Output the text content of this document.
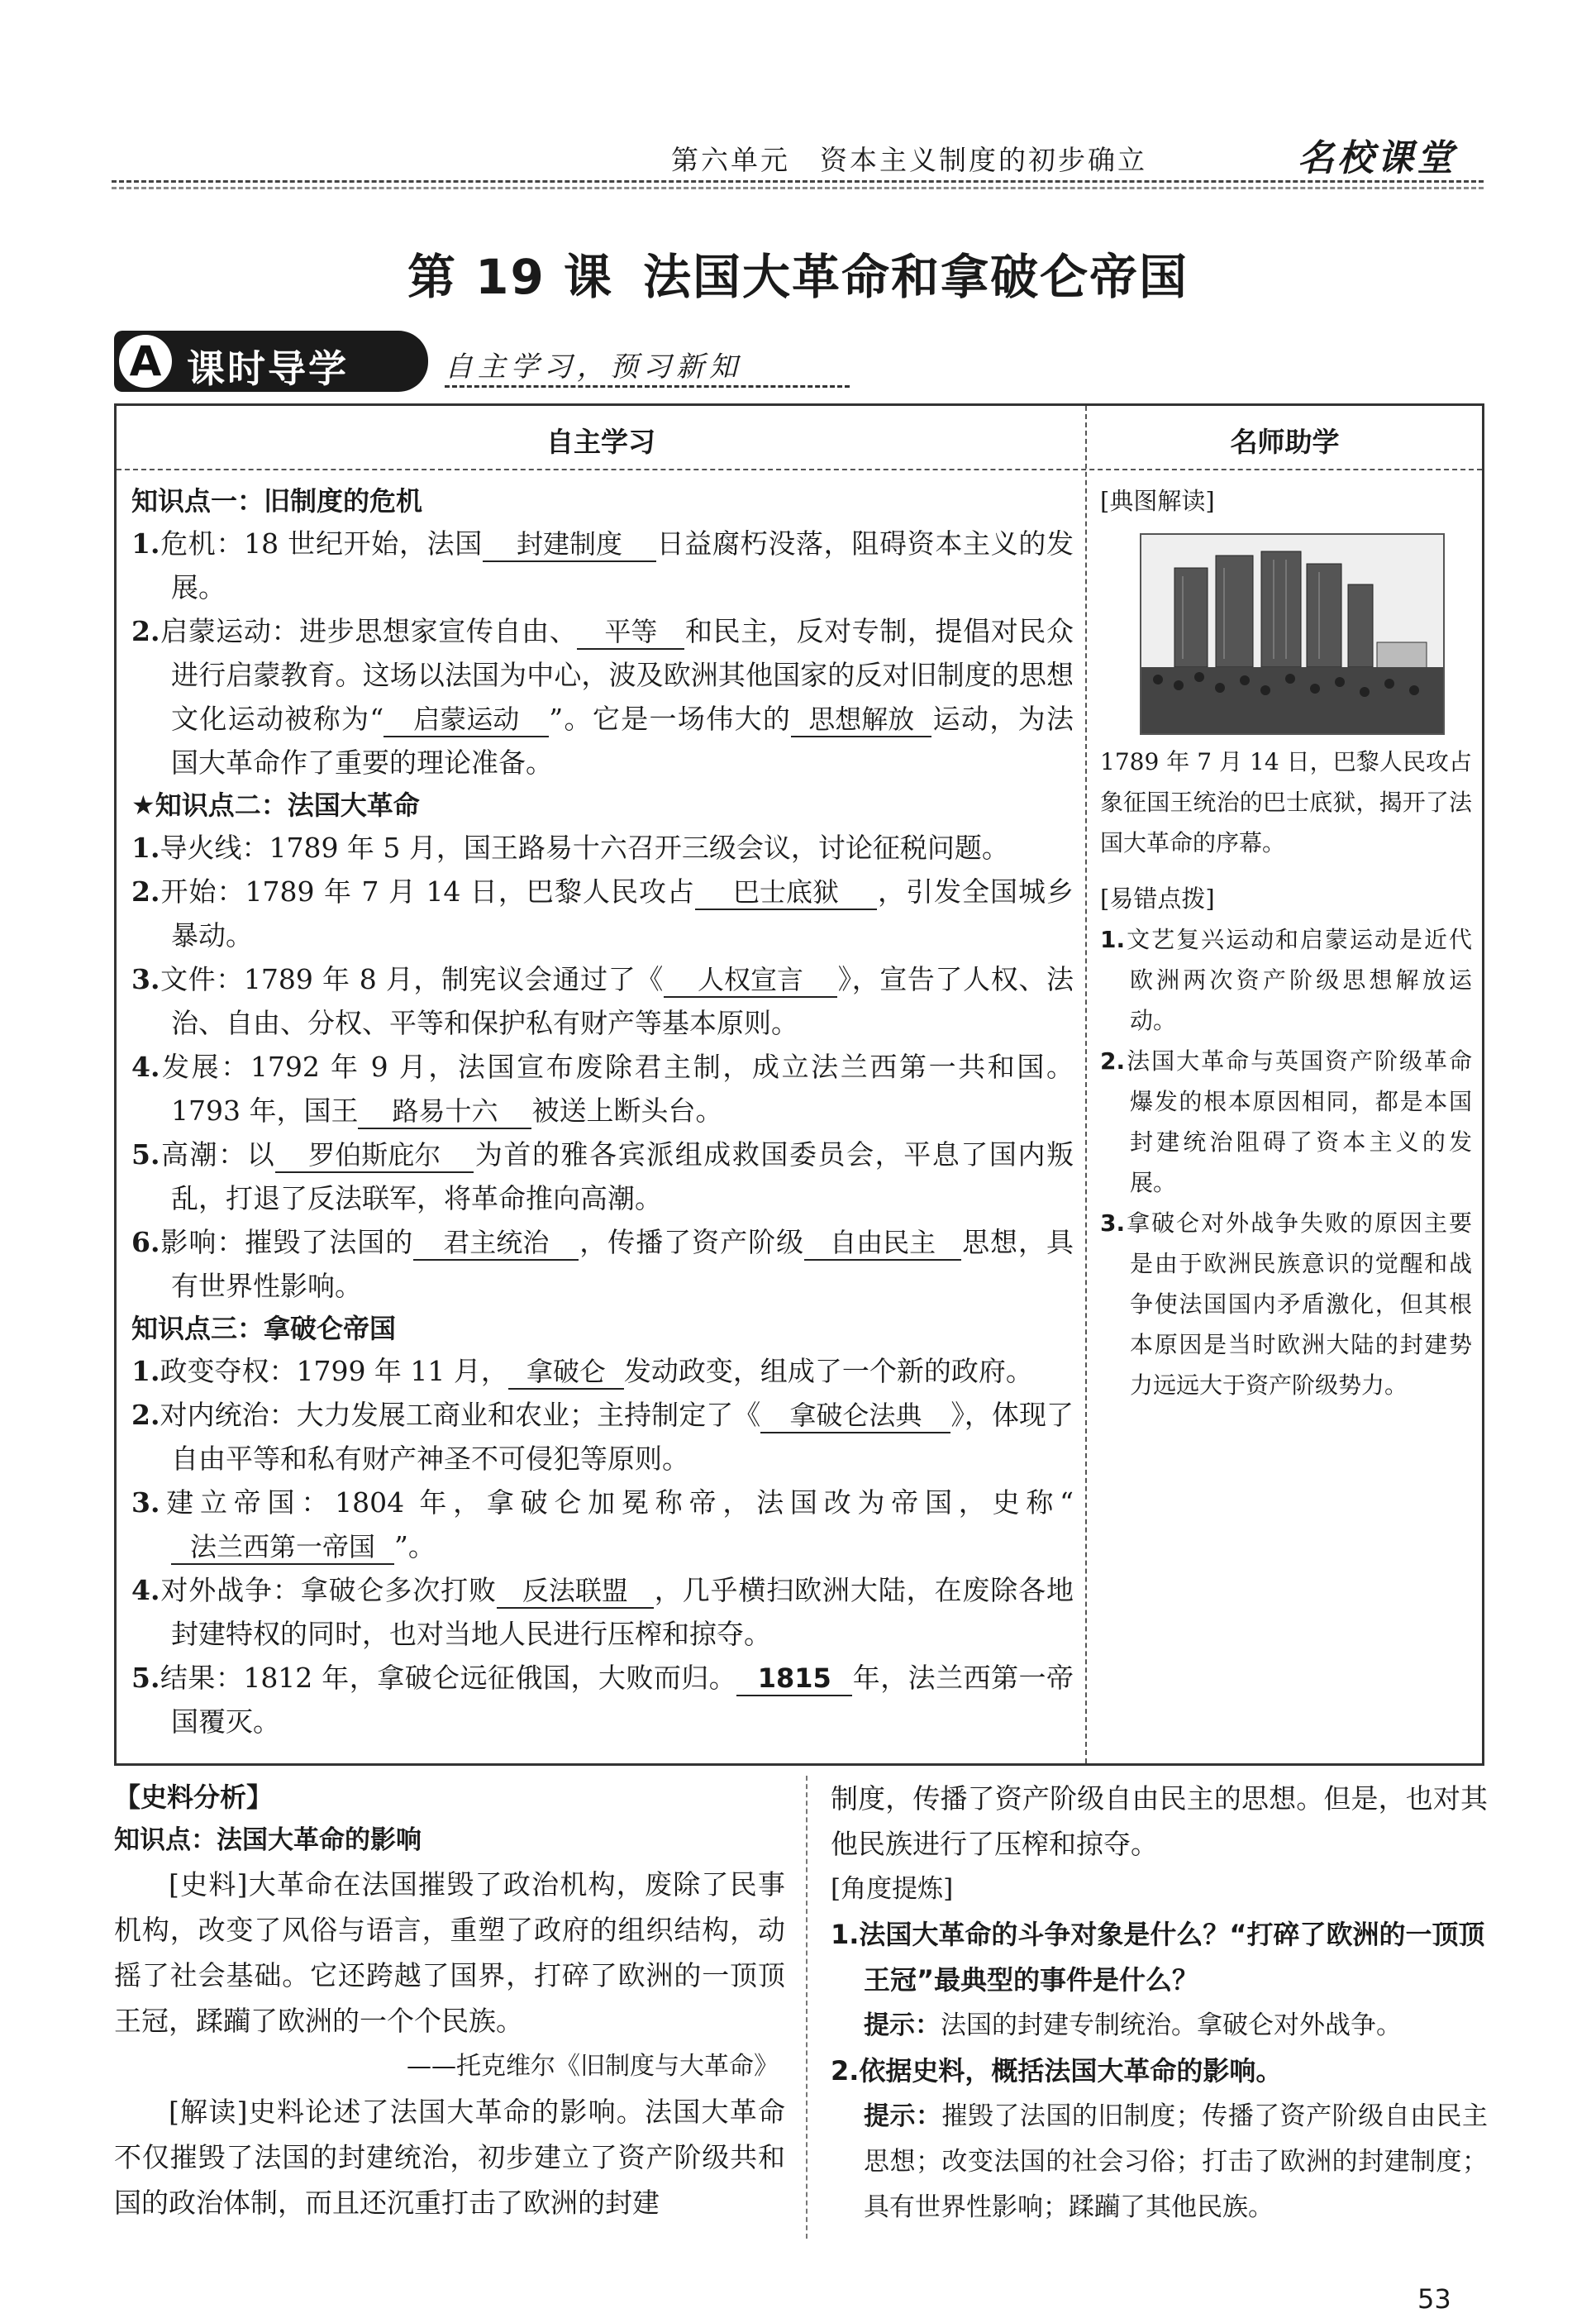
第六单元　资本主义制度的初步确立	名校课堂
第 19 课 法国大革命和拿破仑帝国
A 课时导学	自主学习，预习新知
自主学习	名师助学
知识点一：旧制度的危机
1.危机：18 世纪开始，法国 封建制度 日益腐朽没落，阻碍资本主义的发展。
2.启蒙运动：进步思想家宣传自由、 平等 和民主，反对专制，提倡对民众进行启蒙教育。这场以法国为中心，波及欧洲其他国家的反对旧制度的思想文化运动被称为“ 启蒙运动 ”。它是一场伟大的 思想解放 运动，为法国大革命作了重要的理论准备。
★知识点二：法国大革命
1.导火线：1789 年 5 月，国王路易十六召开三级会议，讨论征税问题。
2.开始：1789 年 7 月 14 日，巴黎人民攻占 巴士底狱 ，引发全国城乡暴动。
3.文件：1789 年 8 月，制宪议会通过了《 人权宣言 》，宣告了人权、法治、自由、分权、平等和保护私有财产等基本原则。
4.发展：1792 年 9 月，法国宣布废除君主制，成立法兰西第一共和国。1793 年，国王 路易十六 被送上断头台。
5.高潮：以 罗伯斯庇尔 为首的雅各宾派组成救国委员会，平息了国内叛乱，打退了反法联军，将革命推向高潮。
6.影响：摧毁了法国的 君主统治 ，传播了资产阶级 自由民主 思想，具有世界性影响。
知识点三：拿破仑帝国
1.政变夺权：1799 年 11 月， 拿破仑 发动政变，组成了一个新的政府。
2.对内统治：大力发展工商业和农业；主持制定了《 拿破仑法典 》，体现了自由平等和私有财产神圣不可侵犯等原则。
3.建立帝国：1804 年，拿破仑加冕称帝，法国改为帝国，史称“法兰西第一帝国 ”。
4.对外战争：拿破仑多次打败 反法联盟 ，几乎横扫欧洲大陆，在废除各地封建特权的同时，也对当地人民进行压榨和掠夺。
5.结果：1812 年，拿破仑远征俄国，大败而归。 1815 年，法兰西第一帝国覆灭。
[典图解读]
1789 年 7 月 14 日，巴黎人民攻占象征国王统治的巴士底狱，揭开了法国大革命的序幕。
[易错点拨]
1.文艺复兴运动和启蒙运动是近代欧洲两次资产阶级思想解放运动。
2.法国大革命与英国资产阶级革命爆发的根本原因相同，都是本国封建统治阻碍了资本主义的发展。
3.拿破仑对外战争失败的原因主要是由于欧洲民族意识的觉醒和战争使法国国内矛盾激化，但其根本原因是当时欧洲大陆的封建势力远远大于资产阶级势力。
【史料分析】
知识点：法国大革命的影响
[史料]大革命在法国摧毁了政治机构，废除了民事机构，改变了风俗与语言，重塑了政府的组织结构，动摇了社会基础。它还跨越了国界，打碎了欧洲的一顶顶王冠，蹂躏了欧洲的一个个民族。
——托克维尔《旧制度与大革命》
[解读]史料论述了法国大革命的影响。法国大革命不仅摧毁了法国的封建统治，初步建立了资产阶级共和国的政治体制，而且还沉重打击了欧洲的封建
制度，传播了资产阶级自由民主的思想。但是，也对其他民族进行了压榨和掠夺。
[角度提炼]
1.法国大革命的斗争对象是什么？“打碎了欧洲的一顶顶王冠”最典型的事件是什么？
提示：法国的封建专制统治。拿破仑对外战争。
2.依据史料，概括法国大革命的影响。
提示：摧毁了法国的旧制度；传播了资产阶级自由民主思想；改变法国的社会习俗；打击了欧洲的封建制度；具有世界性影响；蹂躏了其他民族。
53
